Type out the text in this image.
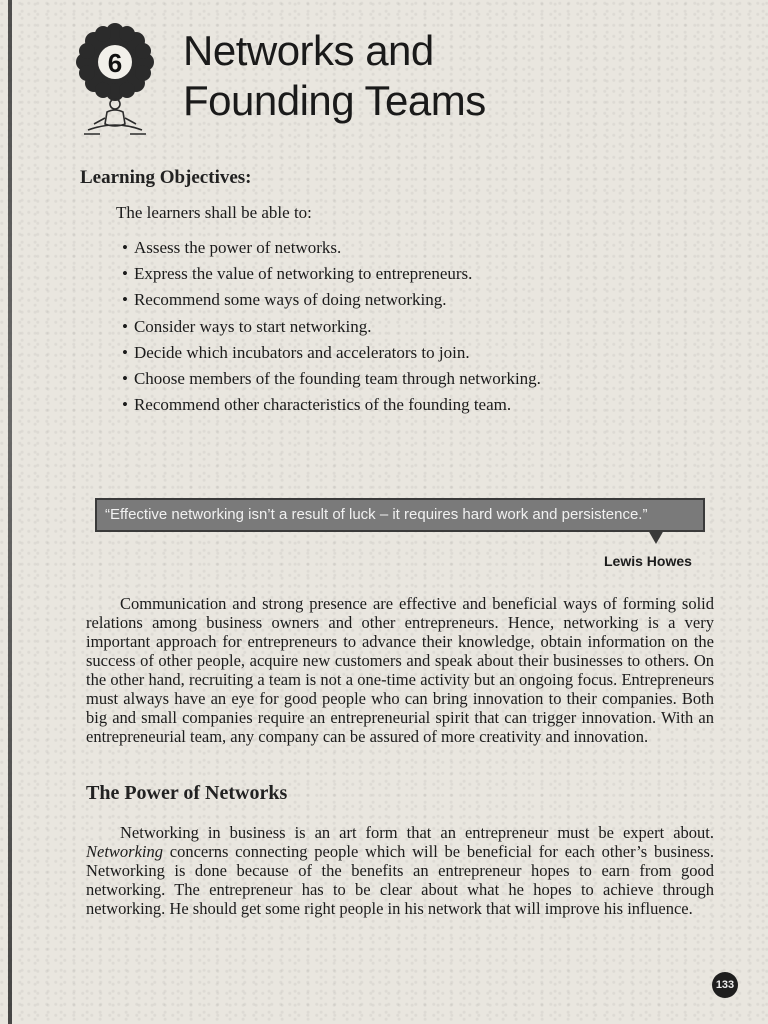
6 Networks and
Founding Teams
Learning Objectives:

The learners shall be able to:

• Assess the power of networks.
• Express the value of networking to entrepreneurs.
• Recommend some ways of doing networking.
• Consider ways to start networking.
• Decide which incubators and accelerators to join.
• Choose members of the founding team through networking.
• Recommend other characteristics of the founding team.
“Effective networking isn’t a result of luck – it requires hard work and persistence.”

Lewis Howes

Communication and strong presence are effective and beneficial ways of forming solid relations among business owners and other entrepreneurs. Hence, networking is a very important approach for entrepreneurs to advance their knowledge, obtain information on the success of other people, acquire new customers and speak about their businesses to others. On the other hand, recruiting a team is not a one-time activity but an ongoing focus. Entrepreneurs must always have an eye for good people who can bring innovation to their companies. Both big and small companies require an entrepreneurial spirit that can trigger innovation. With an entrepreneurial team, any company can be assured of more creativity and innovation.

The Power of Networks

Networking in business is an art form that an entrepreneur must be expert about. Networking concerns connecting people which will be beneficial for each other’s business. Networking is done because of the benefits an entrepreneur hopes to earn from good networking. The entrepreneur has to be clear about what he hopes to achieve through networking. He should get some right people in his network that will improve his influence.

133
